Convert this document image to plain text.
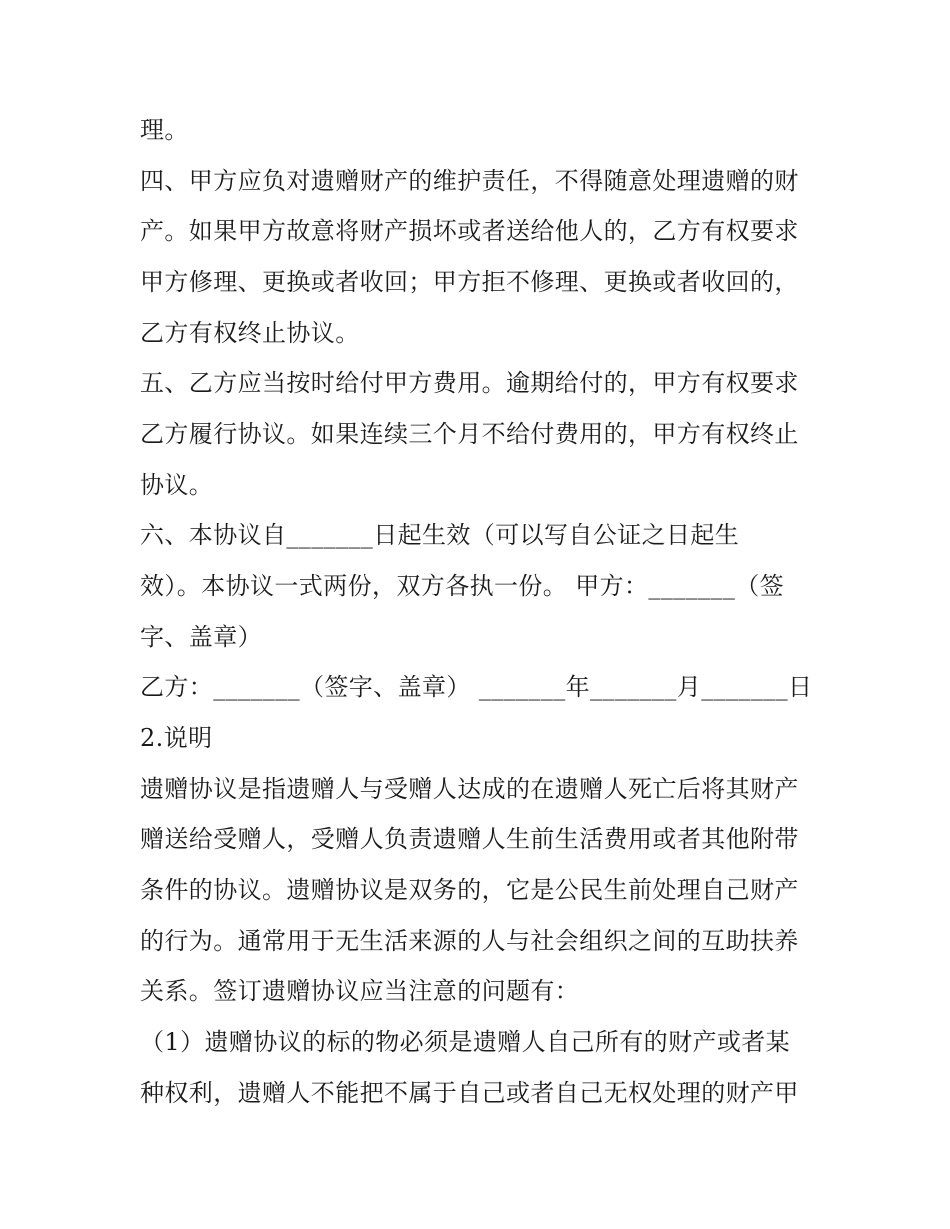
理。
四、甲方应负对遗赠财产的维护责任，不得随意处理遗赠的财
产。如果甲方故意将财产损坏或者送给他人的，乙方有权要求
甲方修理、更换或者收回；甲方拒不修理、更换或者收回的，
乙方有权终止协议。
五、乙方应当按时给付甲方费用。逾期给付的，甲方有权要求
乙方履行协议。如果连续三个月不给付费用的，甲方有权终止
协议。
六、本协议自_______日起生效（可以写自公证之日起生
效）。本协议一式两份，双方各执一份。 甲方：_______（签
字、盖章）
乙方：_______（签字、盖章） _______年_______月_______日
2.说明
遗赠协议是指遗赠人与受赠人达成的在遗赠人死亡后将其财产
赠送给受赠人，受赠人负责遗赠人生前生活费用或者其他附带
条件的协议。遗赠协议是双务的，它是公民生前处理自己财产
的行为。通常用于无生活来源的人与社会组织之间的互助扶养
关系。签订遗赠协议应当注意的问题有：
（1）遗赠协议的标的物必须是遗赠人自己所有的财产或者某
种权利，遗赠人不能把不属于自己或者自己无权处理的财产甲
